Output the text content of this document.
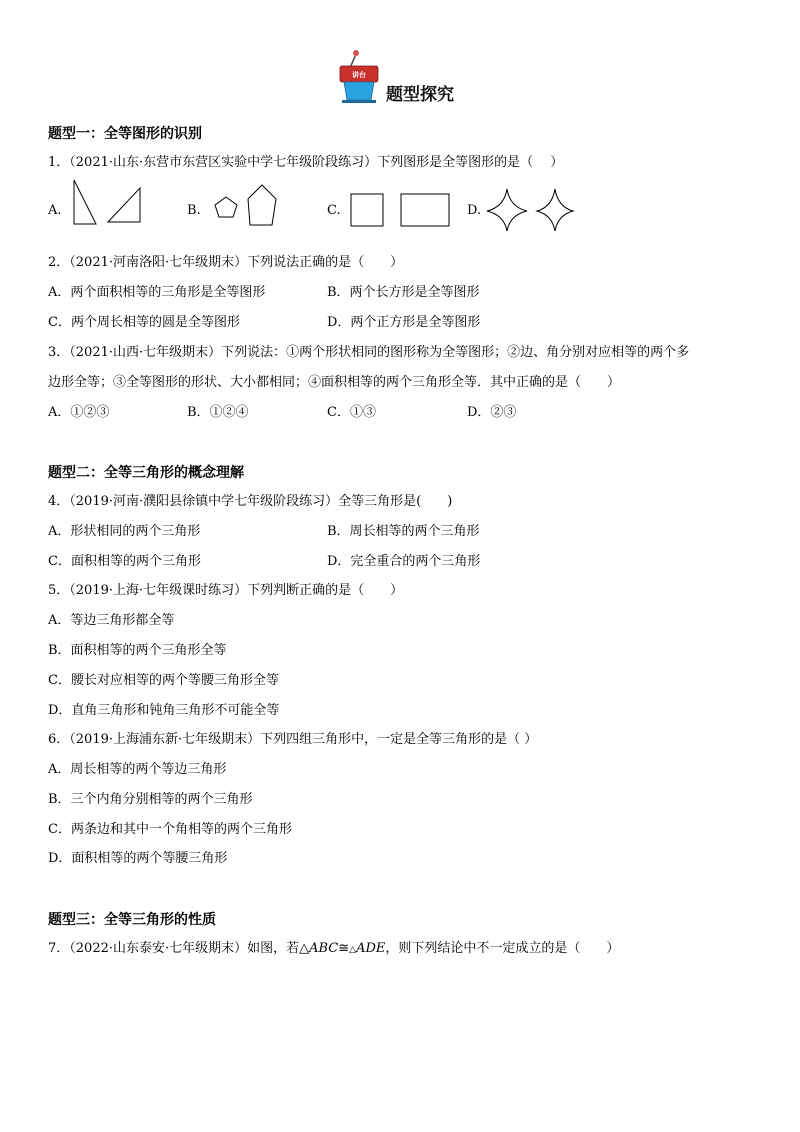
讲台
题型探究
题型一：全等图形的识别
1．（2021·山东·东营市东营区实验中学七年级阶段练习）下列图形是全等图形的是（　 ）
A.	B.	C.	D.
2．（2021·河南洛阳·七年级期末）下列说法正确的是（　　）
A．两个面积相等的三角形是全等图形	B．两个长方形是全等图形
C．两个周长相等的圆是全等图形	D．两个正方形是全等图形
3．（2021·山西·七年级期末）下列说法：①两个形状相同的图形称为全等图形；②边、角分别对应相等的两个多
边形全等；③全等图形的形状、大小都相同；④面积相等的两个三角形全等．其中正确的是（　　）
A．①②③	B．①②④	C．①③	D．②③
题型二：全等三角形的概念理解
4．（2019·河南·濮阳县徐镇中学七年级阶段练习）全等三角形是(　　)
A．形状相同的两个三角形	B．周长相等的两个三角形
C．面积相等的两个三角形	D．完全重合的两个三角形
5．（2019·上海·七年级课时练习）下列判断正确的是（　　）
A．等边三角形都全等
B．面积相等的两个三角形全等
C．腰长对应相等的两个等腰三角形全等
D．直角三角形和钝角三角形不可能全等
6．（2019·上海浦东新·七年级期末）下列四组三角形中，一定是全等三角形的是（ ）
A．周长相等的两个等边三角形
B．三个内角分别相等的两个三角形
C．两条边和其中一个角相等的两个三角形
D．面积相等的两个等腰三角形
题型三：全等三角形的性质
7．（2022·山东泰安·七年级期末）如图，若△ABC≅△ADE，则下列结论中不一定成立的是（　　）
